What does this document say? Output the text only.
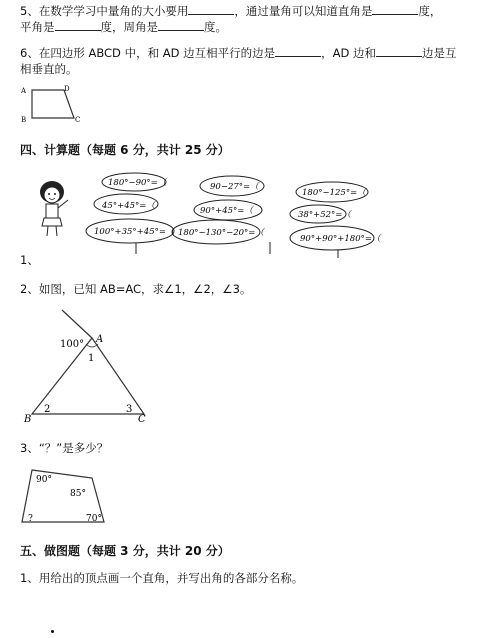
5、在数学学习中量角的大小要用	，通过量角可以知道直角是	度，
平角是	度，周角是	度。
6、在四边形 ABCD 中，和 AD 边互相平行的边是	，AD 边和	边是互
相垂直的。
A	D
B	C
四、计算题（每题 6 分，共计 25 分）
180°−90°=（
45°+45°=（
100°+35°+45°=（
90−27°=（
90°+45°=（
180°−130°−20°=（
180°−125°=（
38°+52°=（
90°+90°+180°=（
1、
2、如图，已知 AB=AC，求∠1，∠2，∠3。
100° A
1
B
2	3
C
3、“？”是多少？
90°
85°
?	70°
五、做图题（每题 3 分，共计 20 分）
1、用给出的顶点画一个直角，并写出角的各部分名称。
